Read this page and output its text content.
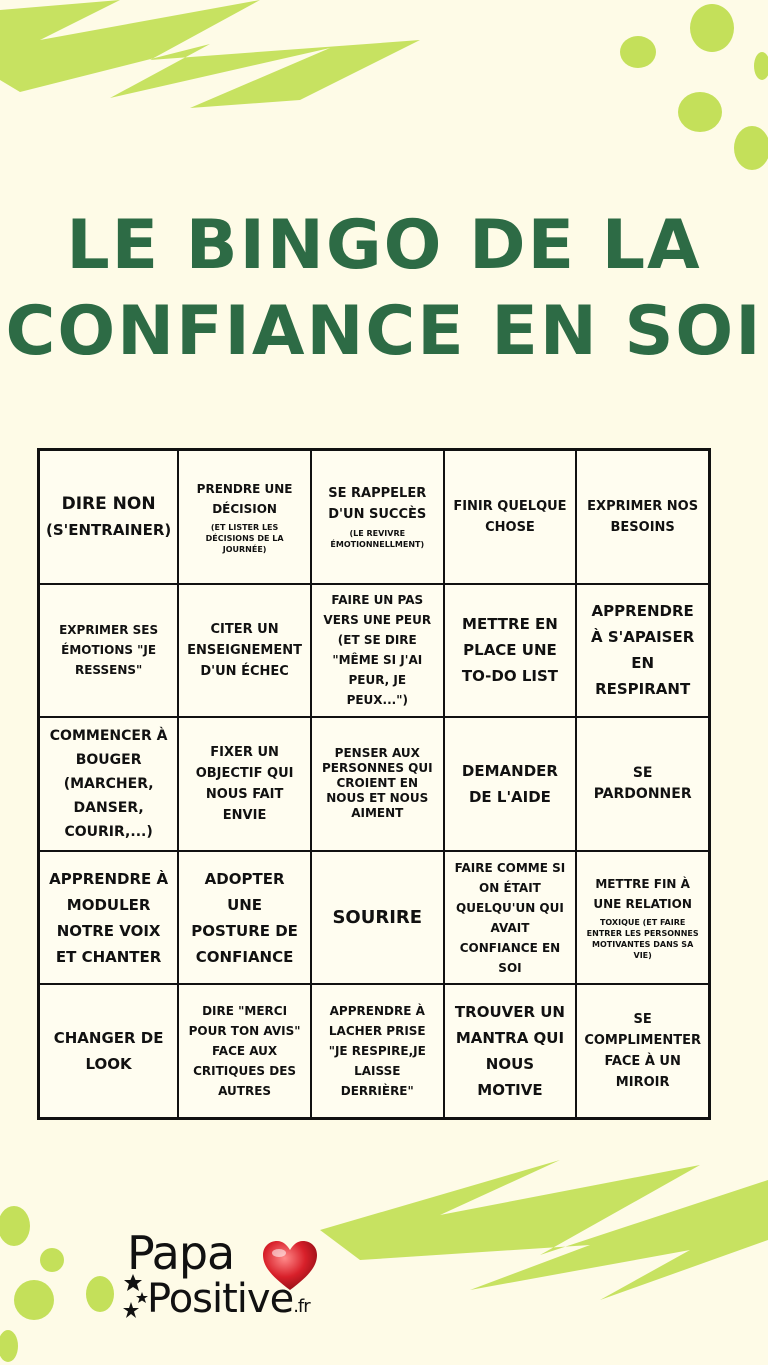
LE BINGO DE LA
CONFIANCE EN SOI
DIRE NON
(S'ENTRAINER)
PRENDRE UNE DÉCISION
(ET LISTER LES DÉCISIONS DE LA JOURNÉE)
SE RAPPELER D'UN SUCCÈS
(LE REVIVRE ÉMOTIONNELLMENT)
FINIR QUELQUE CHOSE
EXPRIMER NOS BESOINS
EXPRIMER SES ÉMOTIONS "JE RESSENS"
CITER UN ENSEIGNEMENT D'UN ÉCHEC
FAIRE UN PAS VERS UNE PEUR
(ET SE DIRE "MÊME SI J'AI PEUR, JE PEUX...")
METTRE EN PLACE UNE TO-DO LIST
APPRENDRE À S'APAISER EN RESPIRANT
COMMENCER À BOUGER (MARCHER, DANSER, COURIR,...)
FIXER UN OBJECTIF QUI NOUS FAIT ENVIE
PENSER AUX PERSONNES QUI CROIENT EN NOUS ET NOUS AIMENT
DEMANDER DE L'AIDE
SE PARDONNER
APPRENDRE À MODULER NOTRE VOIX ET CHANTER
ADOPTER UNE POSTURE DE CONFIANCE
SOURIRE
FAIRE COMME SI ON ÉTAIT QUELQU'UN QUI AVAIT CONFIANCE EN SOI
METTRE FIN À UNE RELATION
TOXIQUE (ET FAIRE ENTRER LES PERSONNES MOTIVANTES DANS SA VIE)
CHANGER DE LOOK
DIRE "MERCI POUR TON AVIS" FACE AUX CRITIQUES DES AUTRES
APPRENDRE À LACHER PRISE "JE RESPIRE,JE LAISSE DERRIÈRE"
TROUVER UN MANTRA QUI NOUS MOTIVE
SE COMPLIMENTER FACE À UN MIROIR
Papa
Positive.fr
